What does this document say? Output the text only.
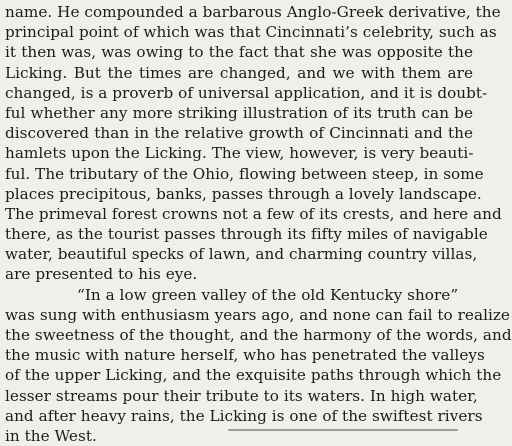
name. He compounded a barbarous Anglo-Greek derivative, the
principal point of which was that Cincinnati’s celebrity, such as
it then was, was owing to the fact that she was opposite the
Licking. But the times are changed, and we with them are
changed, is a proverb of universal application, and it is doubt-
ful whether any more striking illustration of its truth can be
discovered than in the relative growth of Cincinnati and the
hamlets upon the Licking. The view, however, is very beauti-
ful. The tributary of the Ohio, flowing between steep, in some
places precipitous, banks, passes through a lovely landscape.
The primeval forest crowns not a few of its crests, and here and
there, as the tourist passes through its fifty miles of navigable
water, beautiful specks of lawn, and charming country villas,
are presented to his eye.
“In a low green valley of the old Kentucky shore”
was sung with enthusiasm years ago, and none can fail to realize
the sweetness of the thought, and the harmony of the words, and
the music with nature herself, who has penetrated the valleys
of the upper Licking, and the exquisite paths through which the
lesser streams pour their tribute to its waters. In high water,
and after heavy rains, the Licking is one of the swiftest rivers
in the West.
